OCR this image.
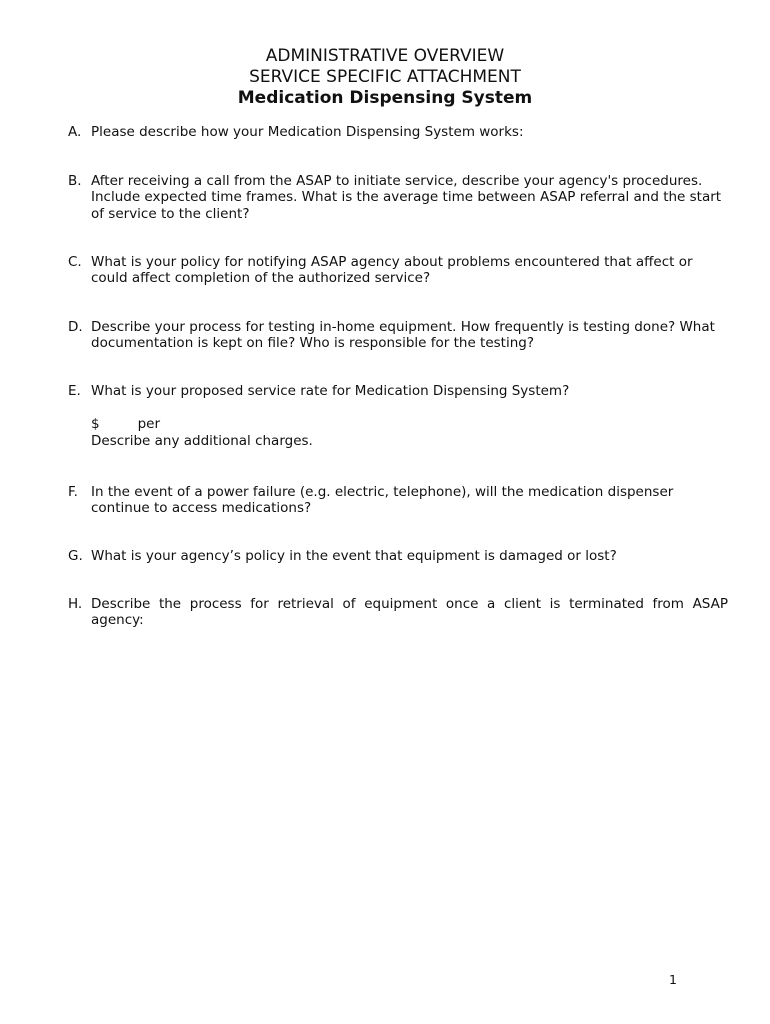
ADMINISTRATIVE OVERVIEW
SERVICE SPECIFIC ATTACHMENT
Medication Dispensing System
A. Please describe how your Medication Dispensing System works:
B. After receiving a call from the ASAP to initiate service, describe your agency's procedures. Include expected time frames. What is the average time between ASAP referral and the start of service to the client?
C. What is your policy for notifying ASAP agency about problems encountered that affect or could affect completion of the authorized service?
D. Describe your process for testing in-home equipment. How frequently is testing done? What documentation is kept on file? Who is responsible for the testing?
E. What is your proposed service rate for Medication Dispensing System?
$	per
Describe any additional charges.
F. In the event of a power failure (e.g. electric, telephone), will the medication dispenser continue to access medications?
G. What is your agency’s policy in the event that equipment is damaged or lost?
H. Describe the process for retrieval of equipment once a client is terminated from ASAP agency:
1
